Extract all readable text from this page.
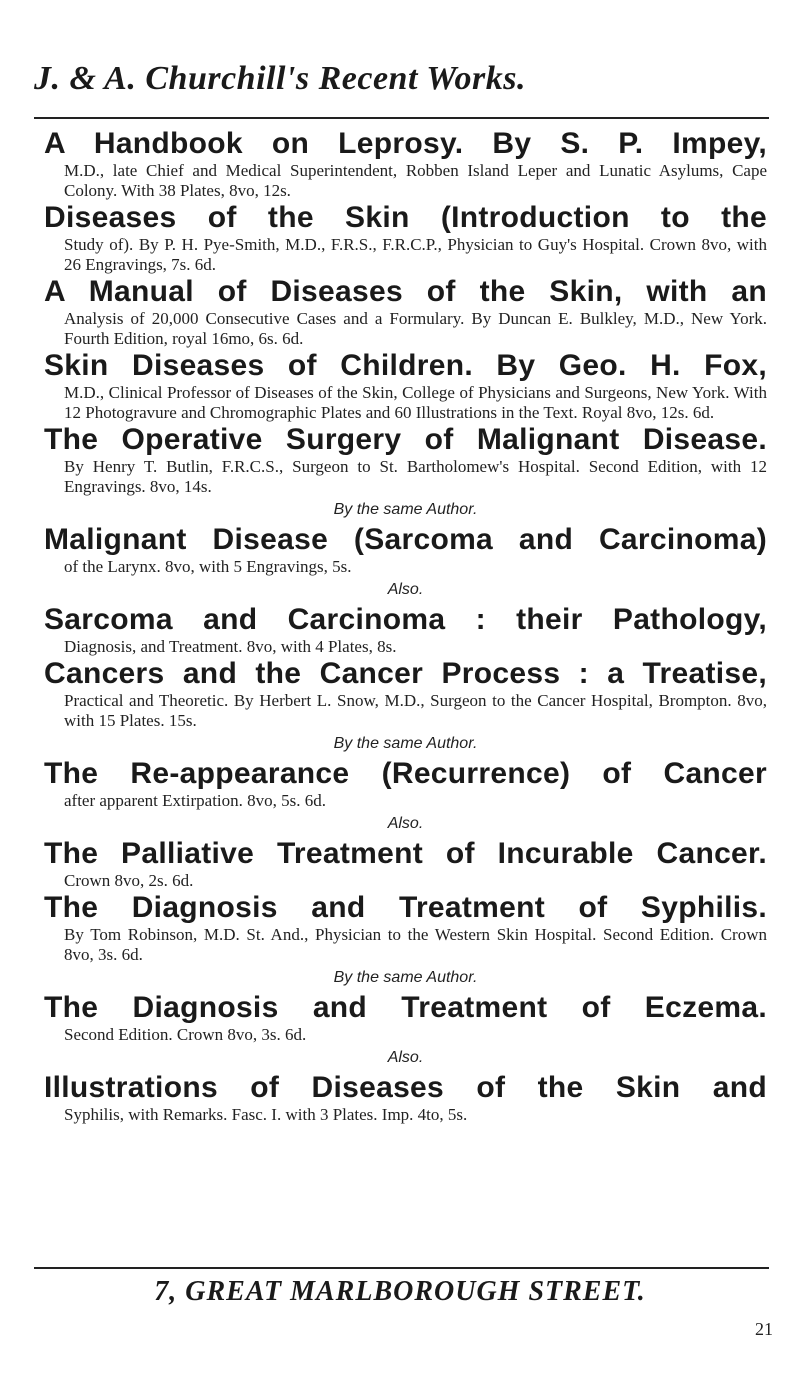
J. & A. Churchill's Recent Works.
A Handbook on Leprosy. By S. P. Impey,
M.D., late Chief and Medical Superintendent, Robben Island Leper and Lunatic Asylums, Cape Colony. With 38 Plates, 8vo, 12s.
Diseases of the Skin (Introduction to the
Study of). By P. H. Pye-Smith, M.D., F.R.S., F.R.C.P., Physician to Guy's Hospital. Crown 8vo, with 26 Engravings, 7s. 6d.
A Manual of Diseases of the Skin, with an
Analysis of 20,000 Consecutive Cases and a Formulary. By Duncan E. Bulkley, M.D., New York. Fourth Edition, royal 16mo, 6s. 6d.
Skin Diseases of Children. By Geo. H. Fox,
M.D., Clinical Professor of Diseases of the Skin, College of Physicians and Surgeons, New York. With 12 Photogravure and Chromographic Plates and 60 Illustrations in the Text. Royal 8vo, 12s. 6d.
The Operative Surgery of Malignant Disease.
By Henry T. Butlin, F.R.C.S., Surgeon to St. Bartholomew's Hospital. Second Edition, with 12 Engravings. 8vo, 14s.
By the same Author.
Malignant Disease (Sarcoma and Carcinoma)
of the Larynx. 8vo, with 5 Engravings, 5s.
Also.
Sarcoma and Carcinoma : their Pathology,
Diagnosis, and Treatment. 8vo, with 4 Plates, 8s.
Cancers and the Cancer Process : a Treatise,
Practical and Theoretic. By Herbert L. Snow, M.D., Surgeon to the Cancer Hospital, Brompton. 8vo, with 15 Plates. 15s.
By the same Author.
The Re-appearance (Recurrence) of Cancer
after apparent Extirpation. 8vo, 5s. 6d.
Also.
The Palliative Treatment of Incurable Cancer.
Crown 8vo, 2s. 6d.
The Diagnosis and Treatment of Syphilis.
By Tom Robinson, M.D. St. And., Physician to the Western Skin Hospital. Second Edition. Crown 8vo, 3s. 6d.
By the same Author.
The Diagnosis and Treatment of Eczema.
Second Edition. Crown 8vo, 3s. 6d.
Also.
Illustrations of Diseases of the Skin and
Syphilis, with Remarks. Fasc. I. with 3 Plates. Imp. 4to, 5s.
7, GREAT MARLBOROUGH STREET.
21
